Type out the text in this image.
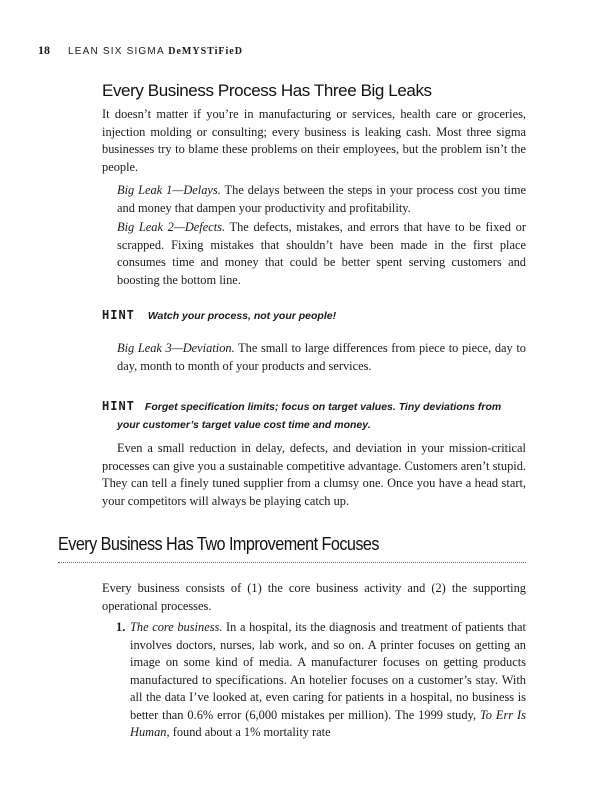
18 LEAN SIX SIGMA DeMYSTiFieD
Every Business Process Has Three Big Leaks

It doesn’t matter if you’re in manufacturing or services, health care or groceries, injection molding or consulting; every business is leaking cash. Most three sigma businesses try to blame these problems on their employees, but the problem isn’t the people.

Big Leak 1—Delays. The delays between the steps in your process cost you time and money that dampen your productivity and profitability.

Big Leak 2—Defects. The defects, mistakes, and errors that have to be fixed or scrapped. Fixing mistakes that shouldn’t have been made in the first place consumes time and money that could be better spent serving customers and boosting the bottom line.

HINT Watch your process, not your people!

Big Leak 3—Deviation. The small to large differences from piece to piece, day to day, month to month of your products and services.

HINT Forget specification limits; focus on target values. Tiny deviations from
your customer’s target value cost time and money.

Even a small reduction in delay, defects, and deviation in your mission-critical processes can give you a sustainable competitive advantage. Customers aren’t stupid. They can tell a finely tuned supplier from a clumsy one. Once you have a head start, your competitors will always be playing catch up.

Every Business Has Two Improvement Focuses

Every business consists of (1) the core business activity and (2) the supporting operational processes.

1. The core business. In a hospital, its the diagnosis and treatment of patients that involves doctors, nurses, lab work, and so on. A printer focuses on getting an image on some kind of media. A manufacturer focuses on getting products manufactured to specifications. An hotelier focuses on a customer’s stay. With all the data I’ve looked at, even caring for patients in a hospital, no business is better than 0.6% error (6,000 mistakes per million). The 1999 study, To Err Is Human, found about a 1% mortality rate
